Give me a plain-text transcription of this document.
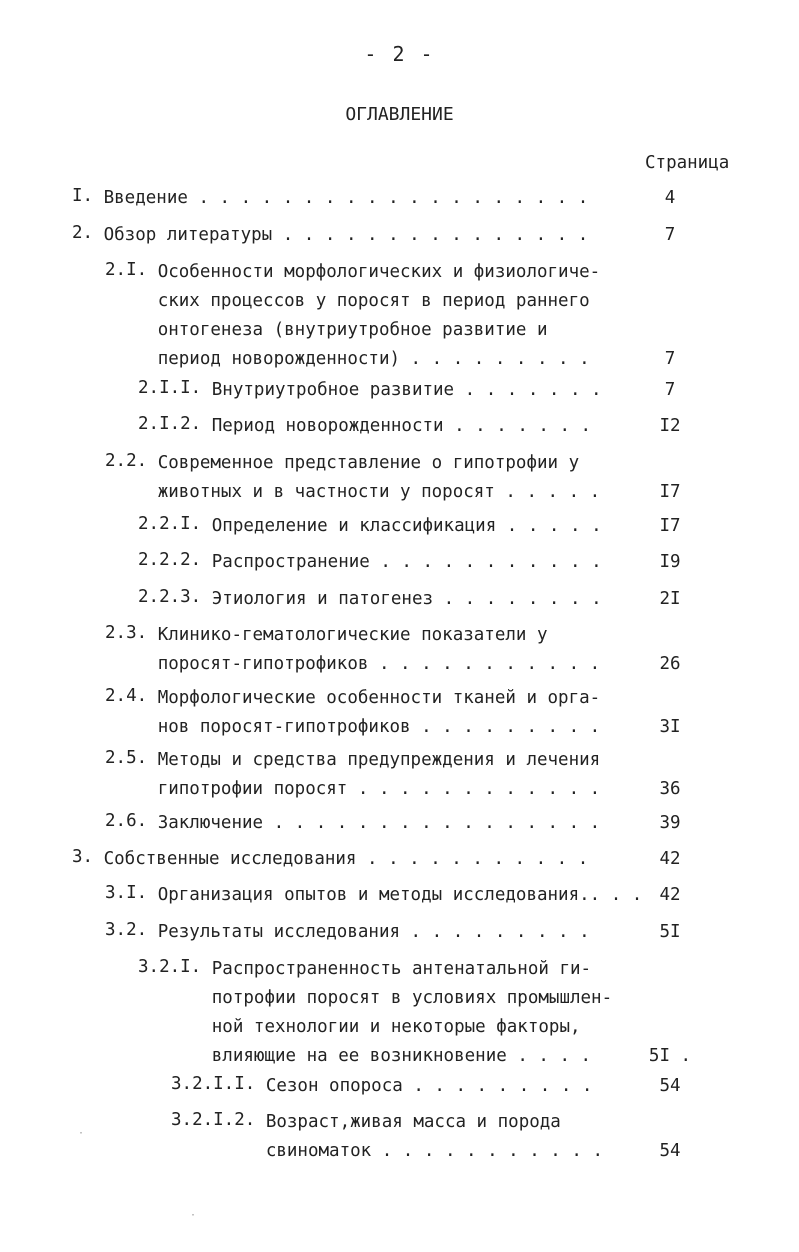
- 2 -
ОГЛАВЛЕНИЕ
Страница
I. Введение . . . . . . . . . . . . . . . . . . .	4
2. Обзор литературы . . . . . . . . . . . . . . .	7
2.I. Особенности морфологических и физиологиче-
ских процессов у поросят в период раннего
онтогенеза (внутриутробное развитие и
период новорожденности) . . . . . . . . .	7
2.I.I. Внутриутробное развитие . . . . . . .	7
2.I.2. Период новорожденности . . . . . . .	I2
2.2. Современное представление о гипотрофии у
животных и в частности у поросят . . . . .	I7
2.2.I. Определение и классификация . . . . .	I7
2.2.2. Распространение . . . . . . . . . . .	I9
2.2.3. Этиология и патогенез . . . . . . . .	2I
2.3. Клинико-гематологические показатели у
поросят-гипотрофиков . . . . . . . . . . .	26
2.4. Морфологические особенности тканей и орга-
нов поросят-гипотрофиков . . . . . . . . .	3I
2.5. Методы и средства предупреждения и лечения
гипотрофии поросят . . . . . . . . . . . .	36
2.6. Заключение . . . . . . . . . . . . . . . .	39
3. Собственные исследования . . . . . . . . . . .	42
3.I. Организация опытов и методы исследования.. . . 42
3.2. Результаты исследования . . . . . . . . .	5I
3.2.I. Распространенность антенатальной ги-
потрофии поросят в условиях промышлен-
ной технологии и некоторые факторы,
влияющие на ее возникновение . . . .	5I .
3.2.I.I. Сезон опороса . . . . . . . . .	54
3.2.I.2. Возраст,живая масса и порода
свиноматок . . . . . . . . . . .	54
·
·
